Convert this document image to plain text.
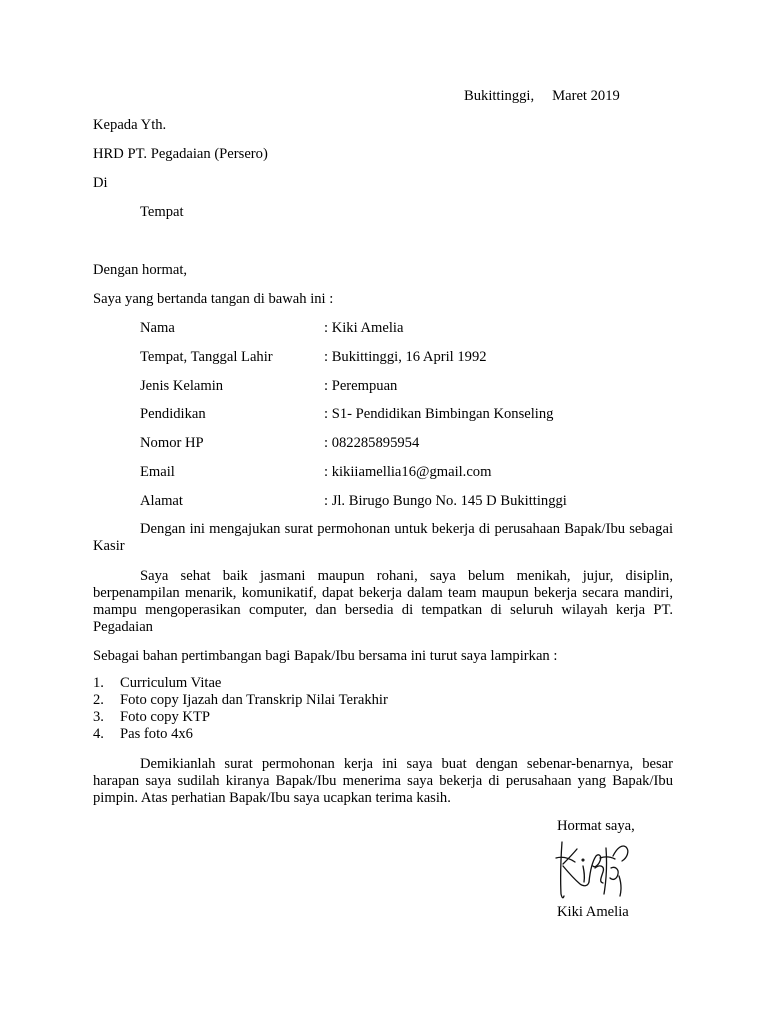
Bukittinggi, Maret 2019
Kepada Yth.
HRD PT. Pegadaian (Persero)
Di
Tempat
Dengan hormat,
Saya yang bertanda tangan di bawah ini :
Nama	: Kiki Amelia
Tempat, Tanggal Lahir	: Bukittinggi, 16 April 1992
Jenis Kelamin	: Perempuan
Pendidikan	: S1- Pendidikan Bimbingan Konseling
Nomor HP	: 082285895954
Email	: kikiiamellia16@gmail.com
Alamat	: Jl. Birugo Bungo No. 145 D Bukittinggi
Dengan ini mengajukan surat permohonan untuk bekerja di perusahaan Bapak/Ibu sebagai Kasir
Saya sehat baik jasmani maupun rohani, saya belum menikah, jujur, disiplin, berpenampilan menarik, komunikatif, dapat bekerja dalam team maupun bekerja secara mandiri, mampu mengoperasikan computer, dan bersedia di tempatkan di seluruh wilayah kerja PT. Pegadaian
Sebagai bahan pertimbangan bagi Bapak/Ibu bersama ini turut saya lampirkan :
1. Curriculum Vitae
2. Foto copy Ijazah dan Transkrip Nilai Terakhir
3. Foto copy KTP
4. Pas foto 4x6
Demikianlah surat permohonan kerja ini saya buat dengan sebenar-benarnya, besar harapan saya sudilah kiranya Bapak/Ibu menerima saya bekerja di perusahaan yang Bapak/Ibu pimpin. Atas perhatian Bapak/Ibu saya ucapkan terima kasih.
Hormat saya,
Kiki Amelia
